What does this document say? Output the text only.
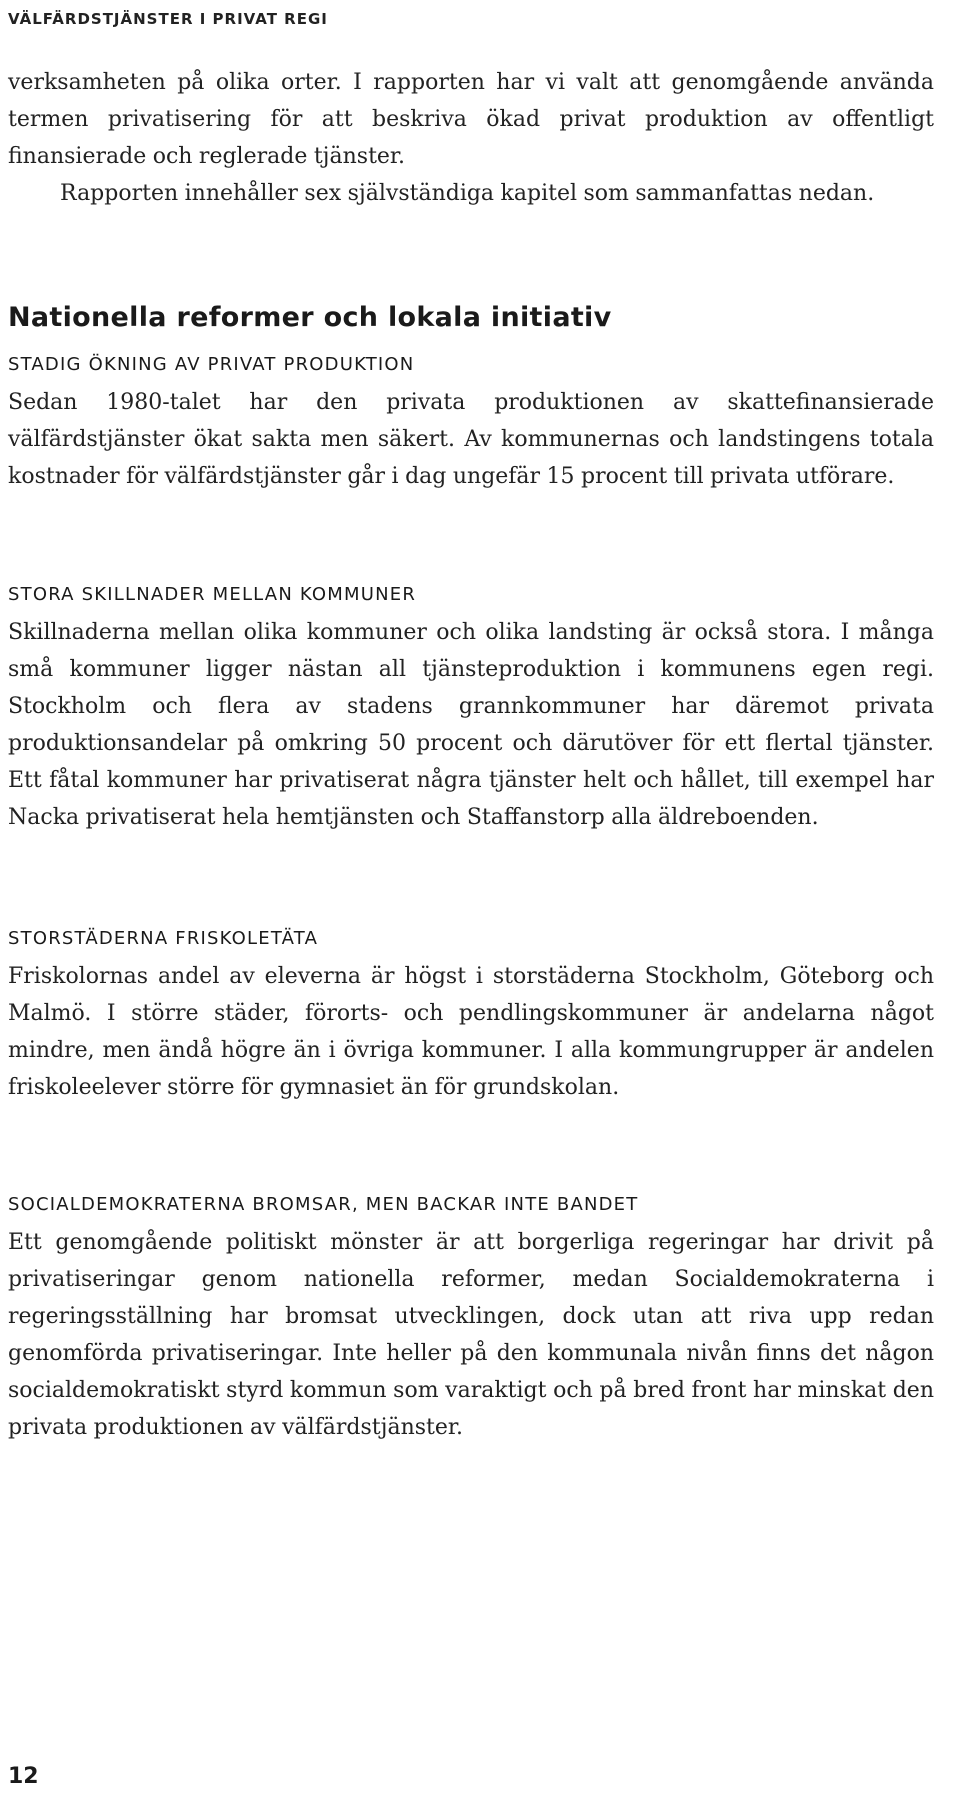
VÄLFÄRDSTJÄNSTER I PRIVAT REGI

verksamheten på olika orter. I rapporten har vi valt att genomgående använda termen privatisering för att beskriva ökad privat produktion av offentligt finansierade och reglerade tjänster.

Rapporten innehåller sex självständiga kapitel som sammanfattas nedan.

Nationella reformer och lokala initiativ
STADIG ÖKNING AV PRIVAT PRODUKTION

Sedan 1980-talet har den privata produktionen av skattefinansierade välfärdstjänster ökat sakta men säkert. Av kommunernas och landstingens totala kostnader för välfärdstjänster går i dag ungefär 15 procent till privata utförare.

STORA SKILLNADER MELLAN KOMMUNER

Skillnaderna mellan olika kommuner och olika landsting är också stora. I många små kommuner ligger nästan all tjänsteproduktion i kommunens egen regi. Stockholm och flera av stadens grannkommuner har däremot privata produktionsandelar på omkring 50 procent och därutöver för ett flertal tjänster. Ett fåtal kommuner har privatiserat några tjänster helt och hållet, till exempel har Nacka privatiserat hela hemtjänsten och Staffanstorp alla äldreboenden.

STORSTÄDERNA FRISKOLETÄTA

Friskolornas andel av eleverna är högst i storstäderna Stockholm, Göteborg och Malmö. I större städer, förorts- och pendlingskommuner är andelarna något mindre, men ändå högre än i övriga kommuner. I alla kommungrupper är andelen friskoleelever större för gymnasiet än för grundskolan.

SOCIALDEMOKRATERNA BROMSAR, MEN BACKAR INTE BANDET

Ett genomgående politiskt mönster är att borgerliga regeringar har drivit på privatiseringar genom nationella reformer, medan Socialdemokraterna i regeringsställning har bromsat utvecklingen, dock utan att riva upp redan genomförda privatiseringar. Inte heller på den kommunala nivån finns det någon socialdemokratiskt styrd kommun som varaktigt och på bred front har minskat den privata produktionen av välfärdstjänster.

12
